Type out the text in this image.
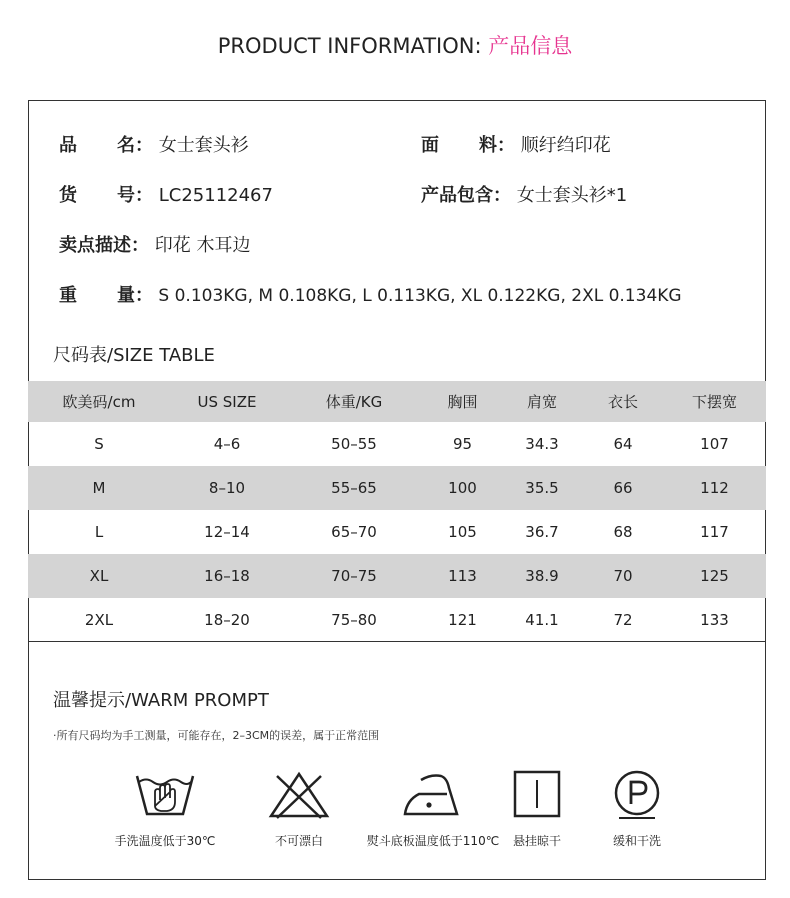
PRODUCT INFORMATION: 产品信息
品 名： 女士套头衫	面 料： 顺纡绉印花
货 号： LC25112467	产品包含： 女士套头衫*1
卖点描述： 印花 木耳边
重 量： S 0.103KG, M 0.108KG, L 0.113KG, XL 0.122KG, 2XL 0.134KG
尺码表/SIZE TABLE
欧美码/cm	US SIZE	体重/KG	胸围	肩宽	衣长	下摆宽
S	4–6	50–55	95	34.3	64	107
M	8–10	55–65	100	35.5	66	112
L	12–14	65–70	105	36.7	68	117
XL	16–18	70–75	113	38.9	70	125
2XL	18–20	75–80	121	41.1	72	133
温馨提示/WARM PROMPT
·所有尺码均为手工测量，可能存在，2–3CM的误差，属于正常范围
手洗温度低于30℃	不可漂白	熨斗底板温度低于110℃	悬挂晾干	缓和干洗
